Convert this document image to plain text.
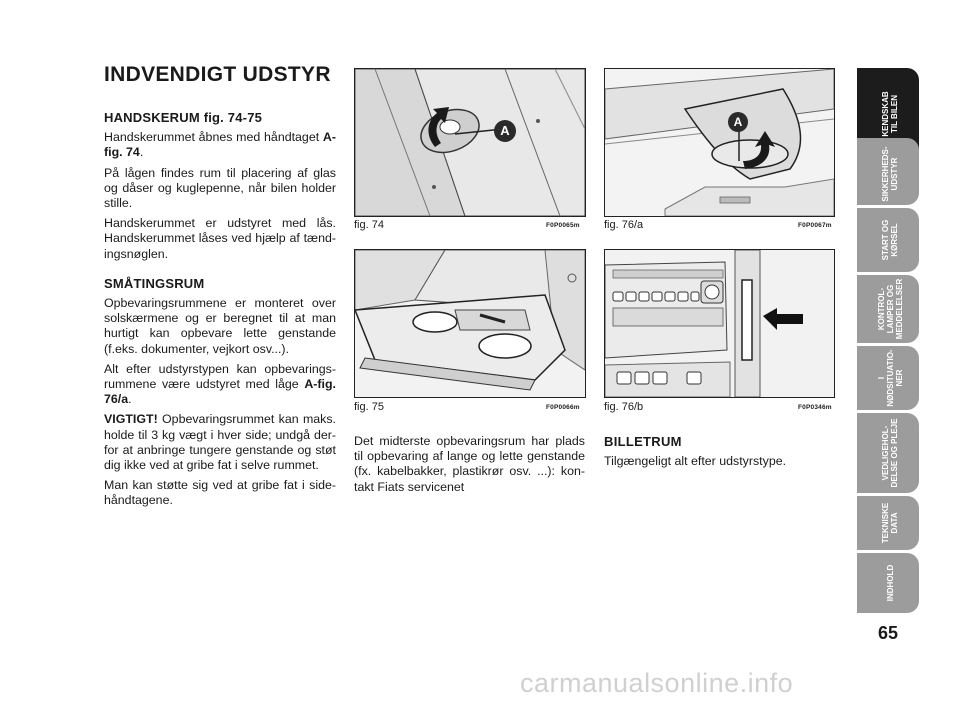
INDVENDIGT UDSTYR
HANDSKERUM fig. 74-75

Handskerummet åbnes med håndtaget A-fig. 74.

På lågen findes rum til placering af glas og dåser og kuglepenne, når bilen holder stille.

Handskerummet er udstyret med lås. Handskerummet låses ved hjælp af tændingsnøglen.

SMÅTINGSRUM

Opbevaringsrummene er monteret over solskærmene og er beregnet til at man hurtigt kan opbevare lette genstande (f.eks. dokumenter, vejkort osv...).

Alt efter udstyrstypen kan opbevaringsrummene være udstyret med låge A-fig. 76/a.

VIGTIGT! Opbevaringsrummet kan maks. holde til 3 kg vægt i hver side; undgå derfor at anbringe tungere genstande og støt dig ikke ved at gribe fat i selve rummet.

Man kan støtte sig ved at gribe fat i sidehåndtagene.

A
fig. 74	F0P0065m
A
fig. 76/a	F0P0067m
fig. 75	F0P0066m fig. 76/b	F0P0346m

Det midterste opbevaringsrum har plads til opbevaring af lange og lette genstande (fx. kabelbakker, plastikrør osv. ...): kontakt Fiats servicenet

BILLETRUM

Tilgængeligt alt efter udstyrstype.

KENDSKABTIL BILEN
SIKKERHEDS-UDSTYR
START OGKØRSEL
KONTROL-LAMPER OGMEDDELELSER
INØDSITUATIO-NER
VEDLIGEHOL-DELSE OG PLEJE
TEKNISKEDATA
INDHOLD
65
carmanualsonline.info
